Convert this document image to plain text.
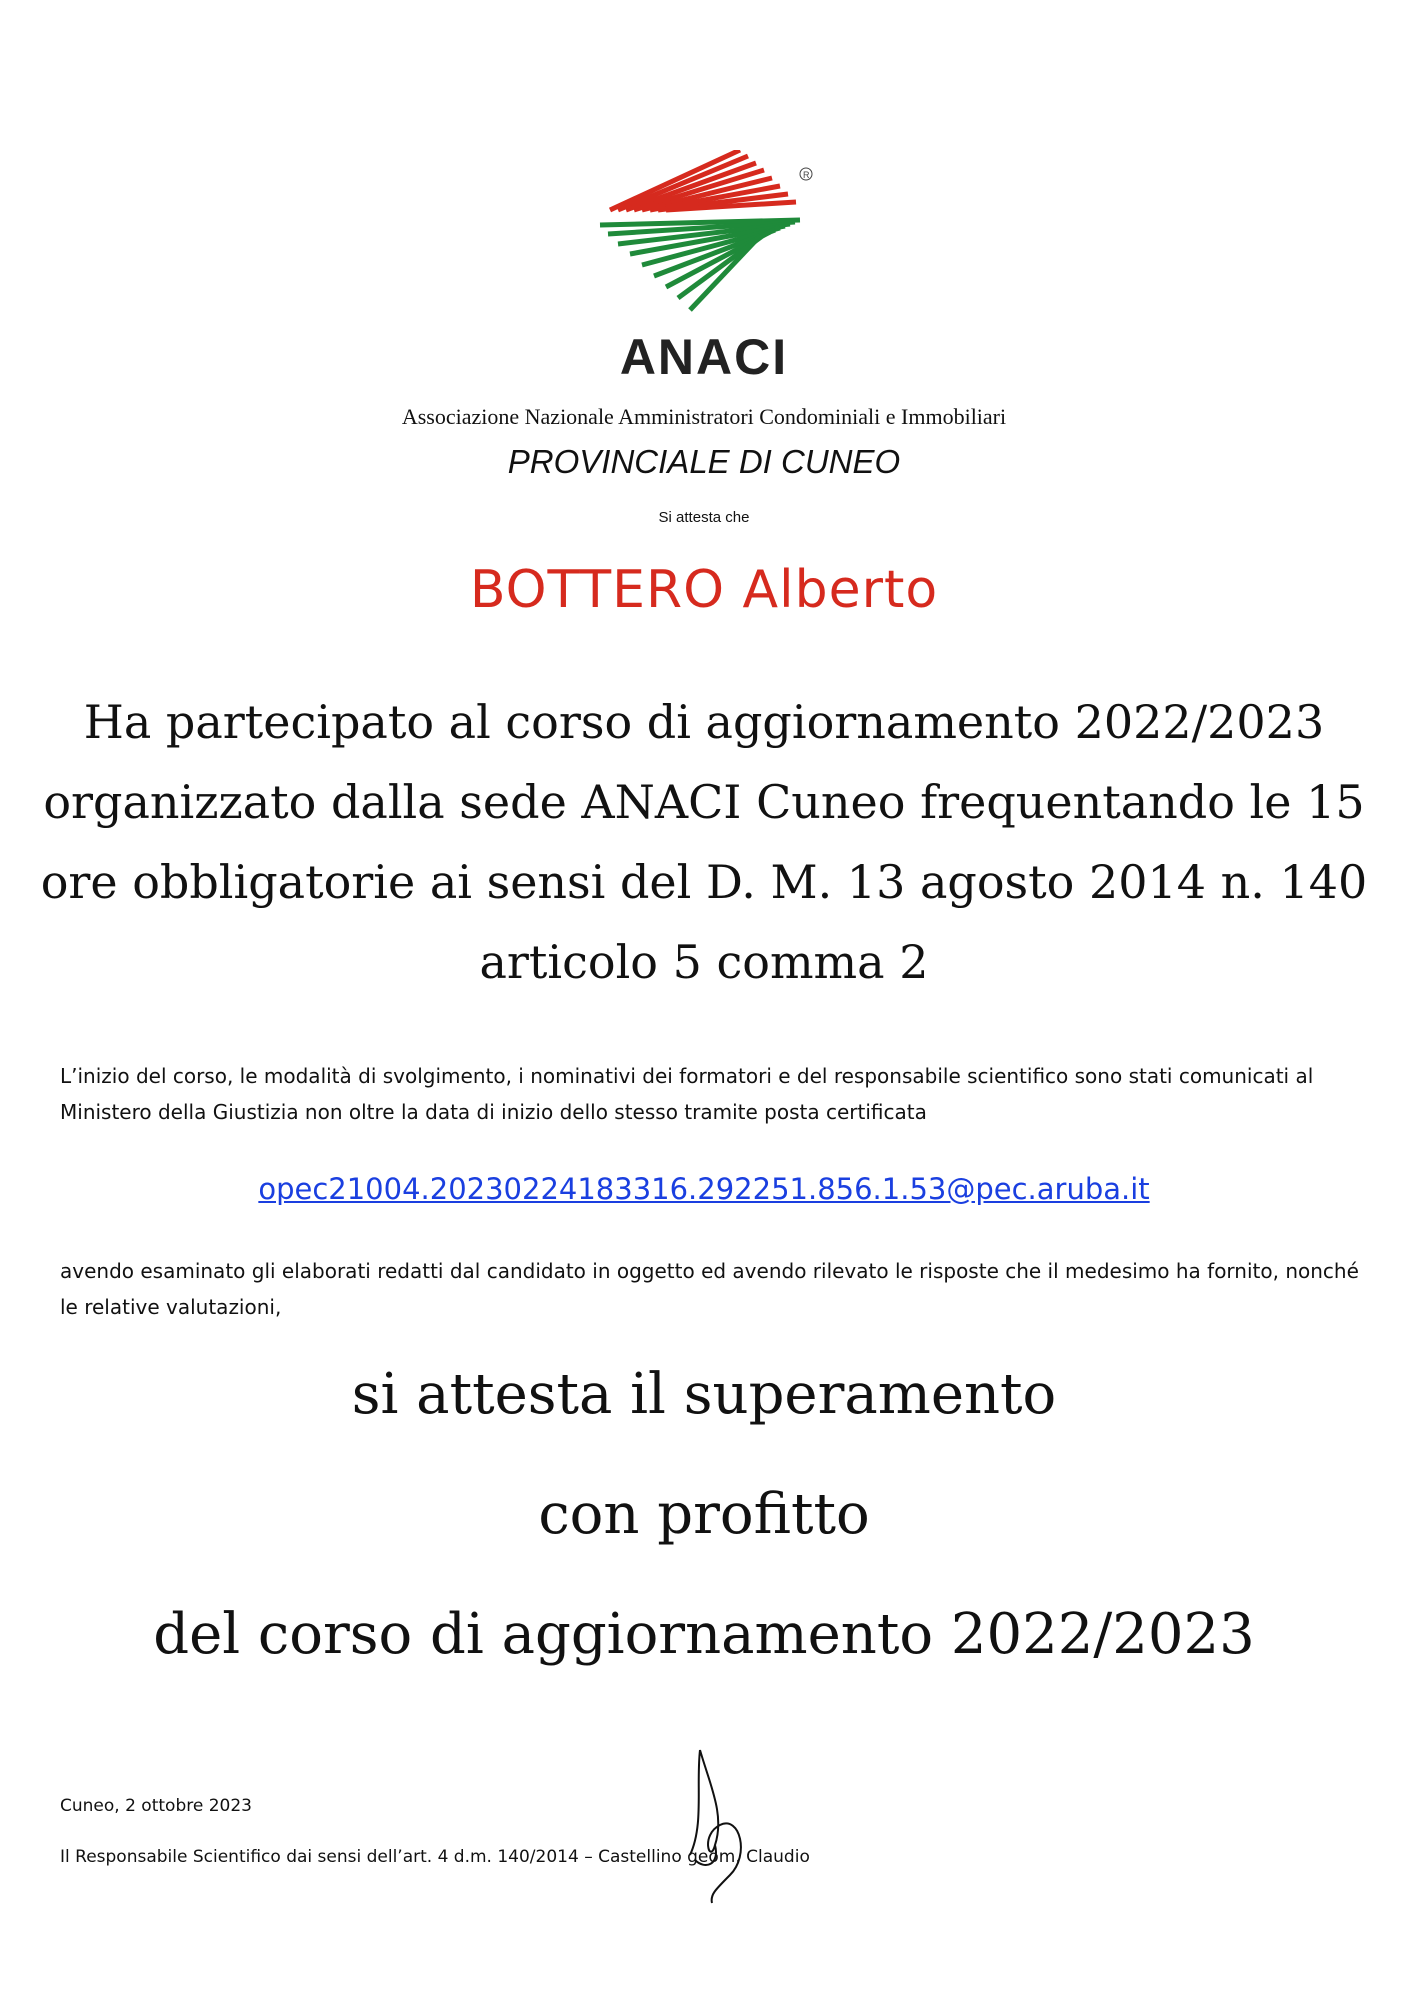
R
ANACI
Associazione Nazionale Amministratori Condominiali e Immobiliari
PROVINCIALE DI CUNEO
Si attesta che
BOTTERO Alberto
Ha partecipato al corso di aggiornamento 2022/2023
organizzato dalla sede ANACI Cuneo frequentando le 15
ore obbligatorie ai sensi del D. M. 13 agosto 2014 n. 140
articolo 5 comma 2

L’inizio del corso, le modalità di svolgimento, i nominativi dei formatori e del responsabile scientifico sono stati comunicati al Ministero della Giustizia non oltre la data di inizio dello stesso tramite posta certificata

opec21004.20230224183316.292251.856.1.53@pec.aruba.it

avendo esaminato gli elaborati redatti dal candidato in oggetto ed avendo rilevato le risposte che il medesimo ha fornito, nonché le relative valutazioni,

si attesta il superamento
con profitto
del corso di aggiornamento 2022/2023
Cuneo, 2 ottobre 2023
Il Responsabile Scientifico dai sensi dell’art. 4 d.m. 140/2014 – Castellino geom. Claudio
